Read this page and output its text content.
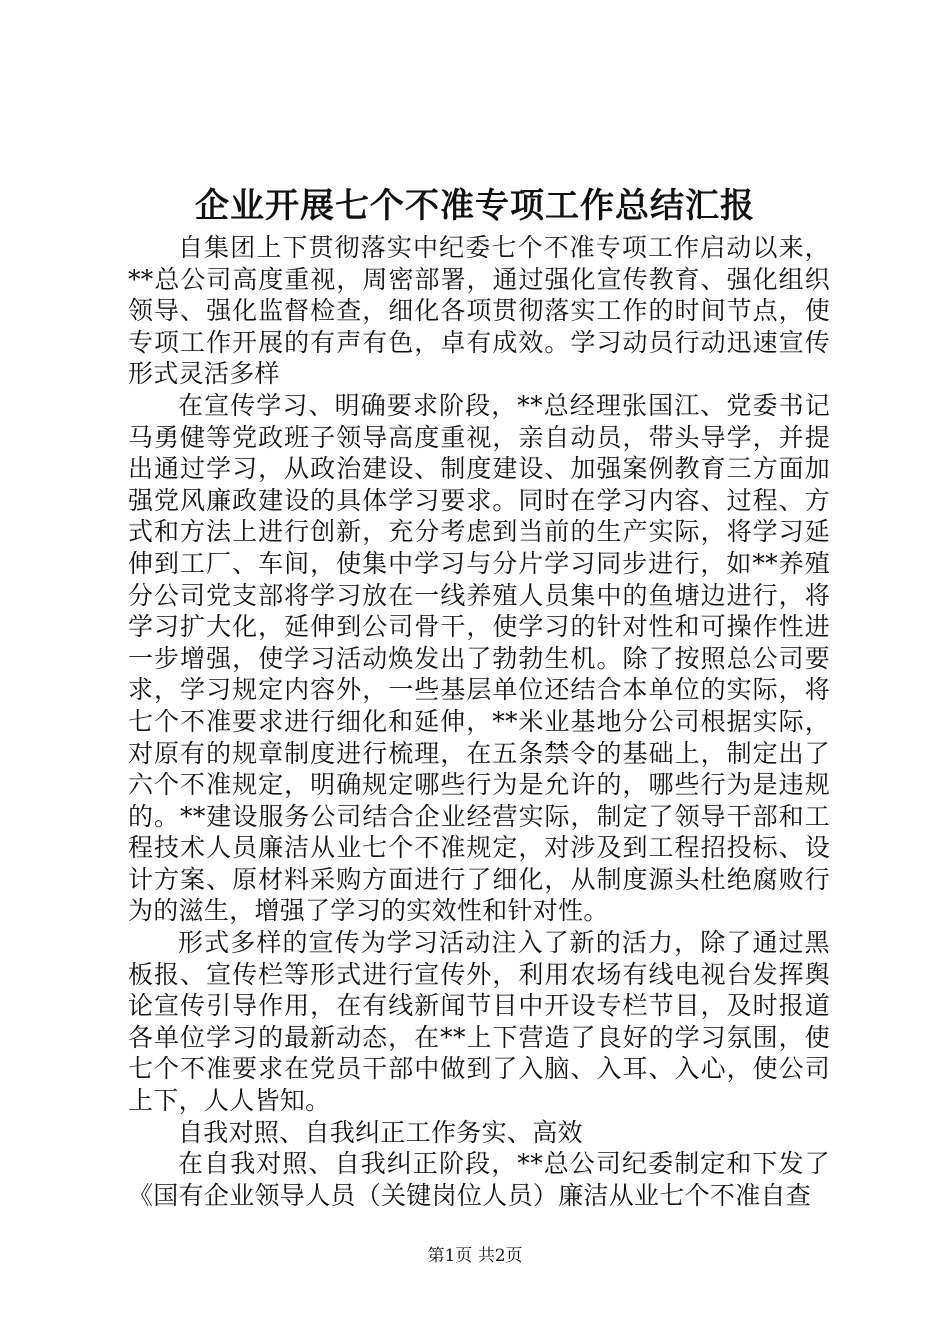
企业开展七个不准专项工作总结汇报

自集团上下贯彻落实中纪委七个不准专项工作启动以来，**总公司高度重视，周密部署，通过强化宣传教育、强化组织领导、强化监督检查，细化各项贯彻落实工作的时间节点，使专项工作开展的有声有色，卓有成效。学习动员行动迅速宣传形式灵活多样

在宣传学习、明确要求阶段，**总经理张国江、党委书记马勇健等党政班子领导高度重视，亲自动员，带头导学，并提出通过学习，从政治建设、制度建设、加强案例教育三方面加强党风廉政建设的具体学习要求。同时在学习内容、过程、方式和方法上进行创新，充分考虑到当前的生产实际，将学习延伸到工厂、车间，使集中学习与分片学习同步进行，如**养殖分公司党支部将学习放在一线养殖人员集中的鱼塘边进行，将学习扩大化，延伸到公司骨干，使学习的针对性和可操作性进一步增强，使学习活动焕发出了勃勃生机。除了按照总公司要求，学习规定内容外，一些基层单位还结合本单位的实际，将七个不准要求进行细化和延伸，**米业基地分公司根据实际，对原有的规章制度进行梳理，在五条禁令的基础上，制定出了六个不准规定，明确规定哪些行为是允许的，哪些行为是违规的。**建设服务公司结合企业经营实际，制定了领导干部和工程技术人员廉洁从业七个不准规定，对涉及到工程招投标、设计方案、原材料采购方面进行了细化，从制度源头杜绝腐败行为的滋生，增强了学习的实效性和针对性。

形式多样的宣传为学习活动注入了新的活力，除了通过黑板报、宣传栏等形式进行宣传外，利用农场有线电视台发挥舆论宣传引导作用，在有线新闻节目中开设专栏节目，及时报道各单位学习的最新动态，在**上下营造了良好的学习氛围，使七个不准要求在党员干部中做到了入脑、入耳、入心，使公司上下，人人皆知。

自我对照、自我纠正工作务实、高效

在自我对照、自我纠正阶段，**总公司纪委制定和下发了《国有企业领导人员（关键岗位人员）廉洁从业七个不准自查

第1页 共2页
